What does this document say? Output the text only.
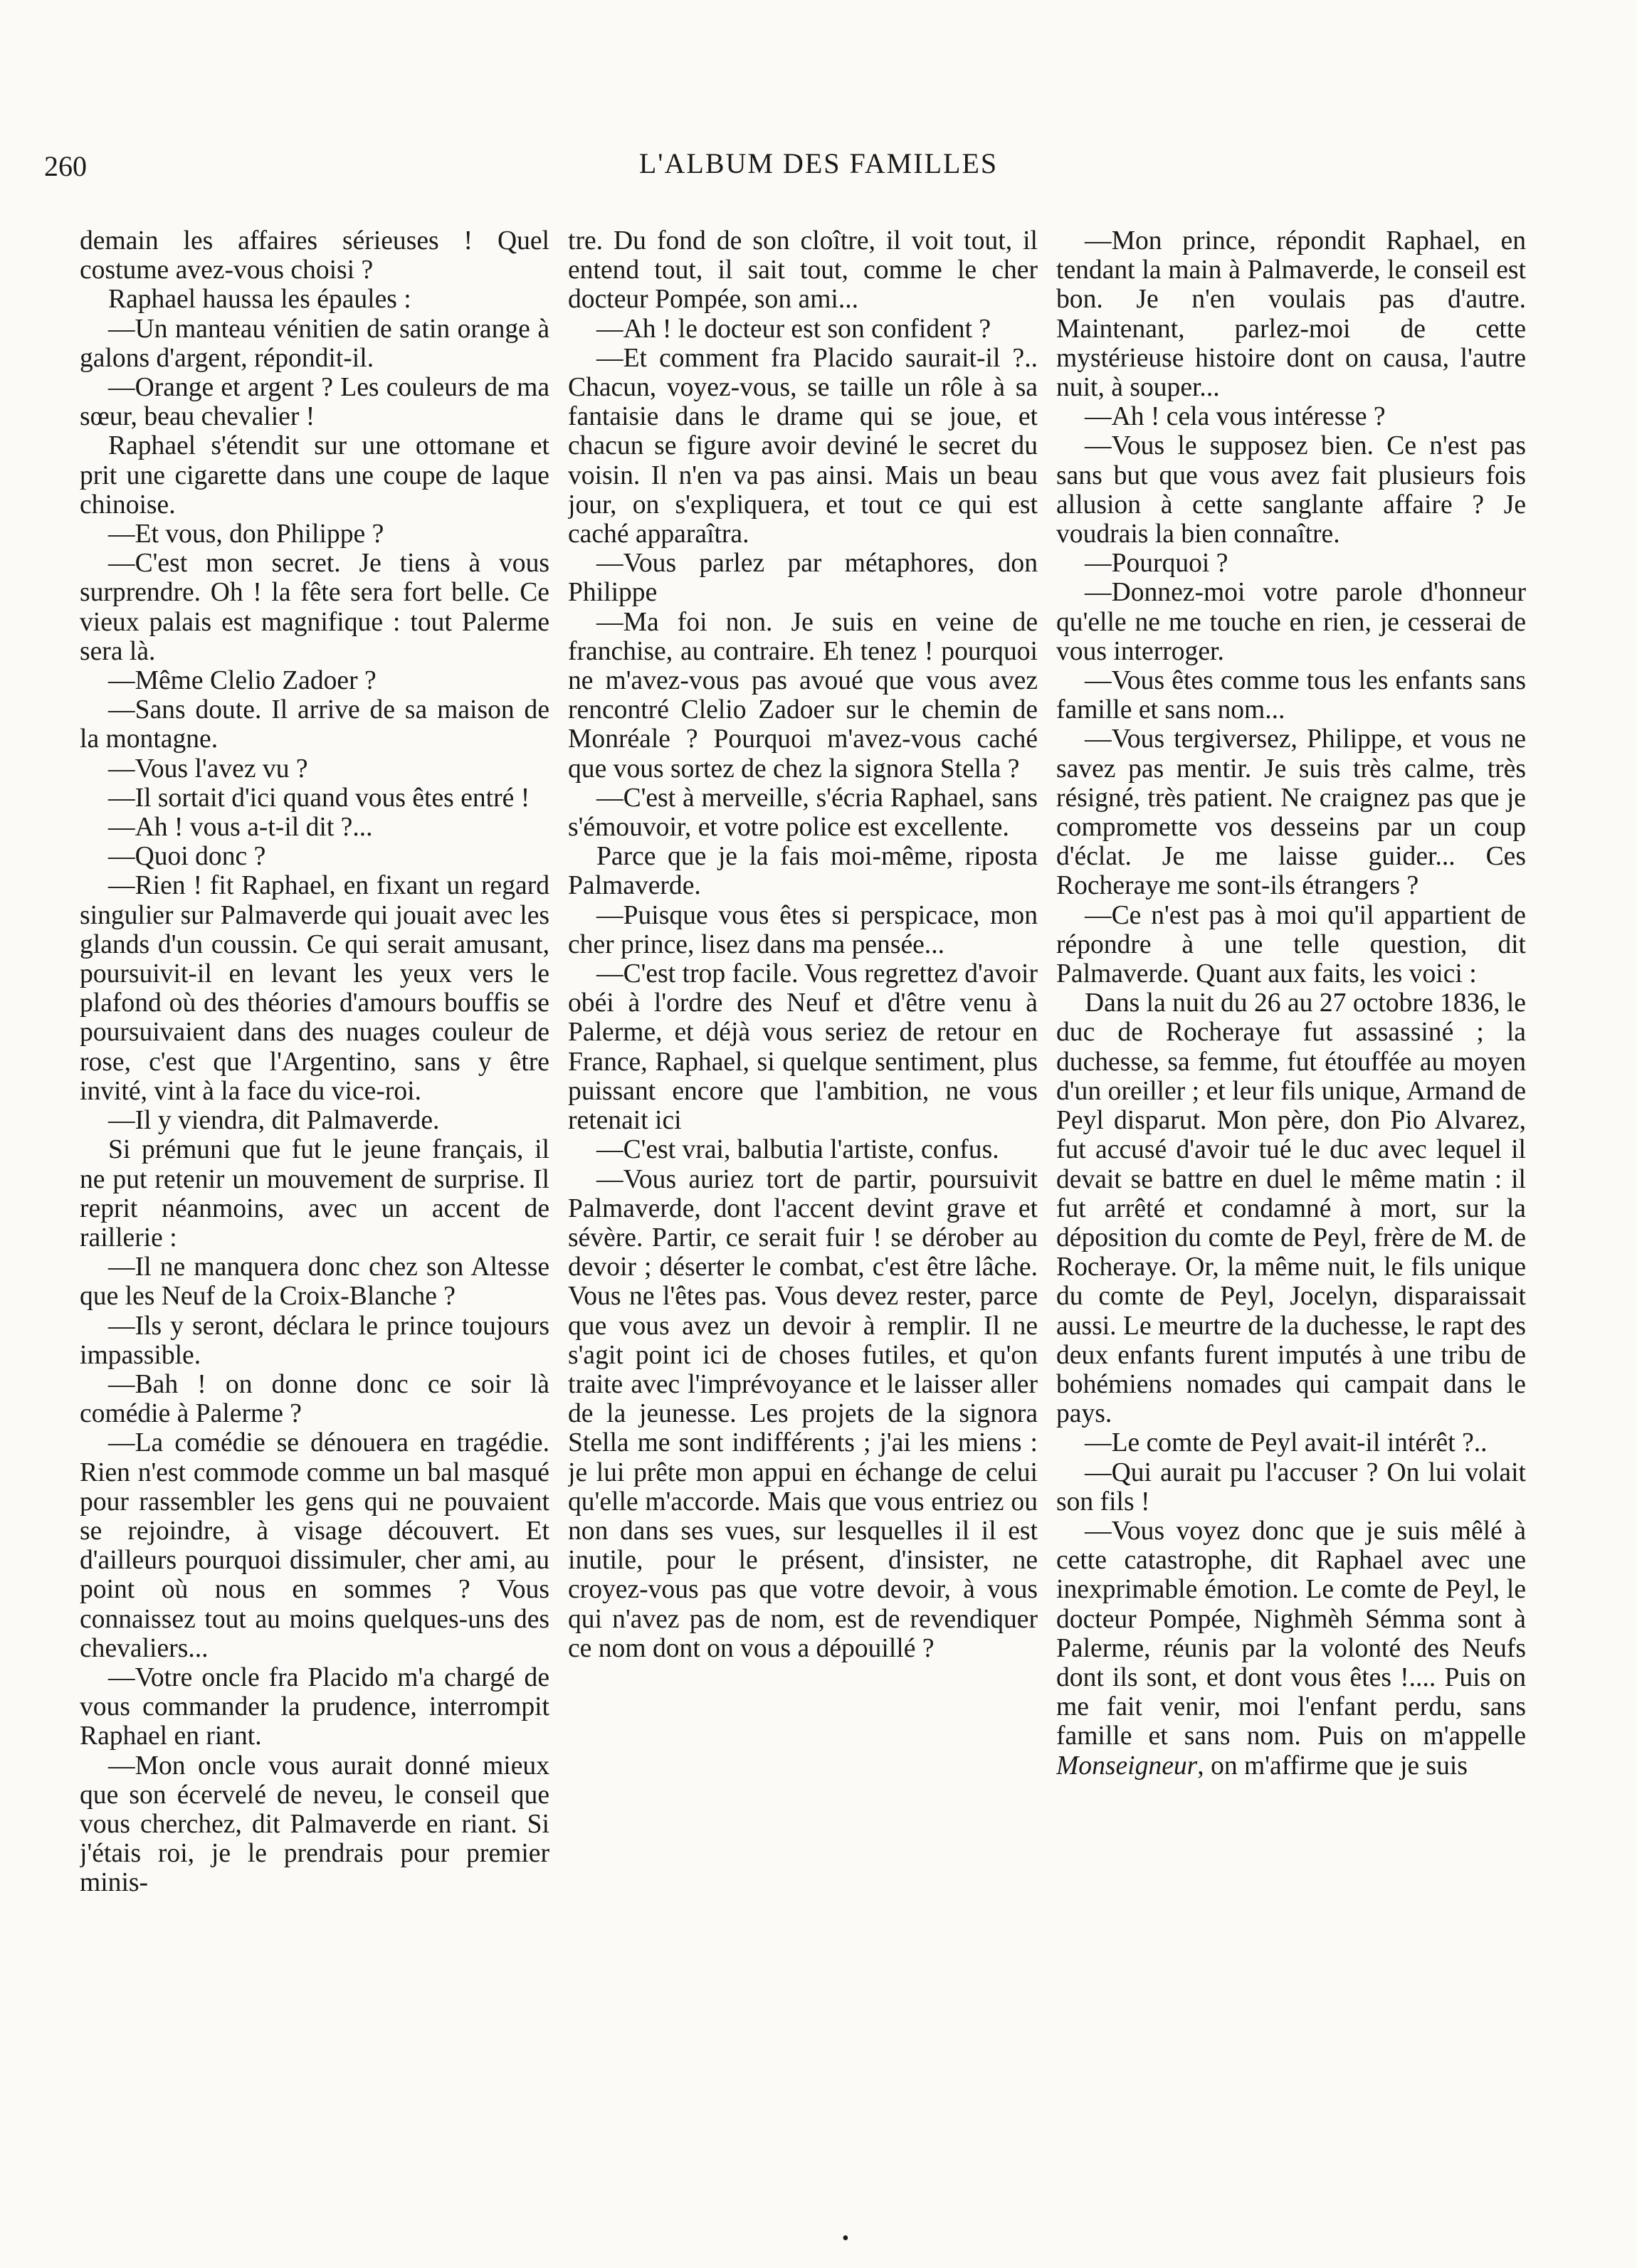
260	L'ALBUM DES FAMILLES

demain les affaires sérieuses ! Quel costume avez-vous choisi ?

Raphael haussa les épaules :

—Un manteau vénitien de satin orange à galons d'argent, répondit-il.

—Orange et argent ? Les couleurs de ma sœur, beau chevalier !

Raphael s'étendit sur une ottomane et prit une cigarette dans une coupe de laque chinoise.

—Et vous, don Philippe ?

—C'est mon secret. Je tiens à vous surprendre. Oh ! la fête sera fort belle. Ce vieux palais est magnifique : tout Palerme sera là.

—Même Clelio Zadoer ?

—Sans doute. Il arrive de sa maison de la montagne.

—Vous l'avez vu ?

—Il sortait d'ici quand vous êtes entré !

—Ah ! vous a-t-il dit ?...

—Quoi donc ?

—Rien ! fit Raphael, en fixant un regard singulier sur Palmaverde qui jouait avec les glands d'un coussin. Ce qui serait amusant, poursuivit-il en levant les yeux vers le plafond où des théories d'amours bouffis se poursuivaient dans des nuages couleur de rose, c'est que l'Argentino, sans y être invité, vint à la face du vice-roi.

—Il y viendra, dit Palmaverde.

Si prémuni que fut le jeune français, il ne put retenir un mouvement de surprise. Il reprit néanmoins, avec un accent de raillerie :

—Il ne manquera donc chez son Altesse que les Neuf de la Croix-Blanche ?

—Ils y seront, déclara le prince toujours impassible.

—Bah ! on donne donc ce soir là comédie à Palerme ?

—La comédie se dénouera en tragédie. Rien n'est commode comme un bal masqué pour rassembler les gens qui ne pouvaient se rejoindre, à visage découvert. Et d'ailleurs pourquoi dissimuler, cher ami, au point où nous en sommes ? Vous connaissez tout au moins quelques-uns des chevaliers...

—Votre oncle fra Placido m'a chargé de vous commander la prudence, interrompit Raphael en riant.

—Mon oncle vous aurait donné mieux que son écervelé de neveu, le conseil que vous cherchez, dit Palmaverde en riant. Si j'étais roi, je le prendrais pour premier minis-

tre. Du fond de son cloître, il voit tout, il entend tout, il sait tout, comme le cher docteur Pompée, son ami...

—Ah ! le docteur est son confident ?

—Et comment fra Placido saurait-il ?.. Chacun, voyez-vous, se taille un rôle à sa fantaisie dans le drame qui se joue, et chacun se figure avoir deviné le secret du voisin. Il n'en va pas ainsi. Mais un beau jour, on s'expliquera, et tout ce qui est caché apparaîtra.

—Vous parlez par métaphores, don Philippe

—Ma foi non. Je suis en veine de franchise, au contraire. Eh tenez ! pourquoi ne m'avez-vous pas avoué que vous avez rencontré Clelio Zadoer sur le chemin de Monréale ? Pourquoi m'avez-vous caché que vous sortez de chez la signora Stella ?

—C'est à merveille, s'écria Raphael, sans s'émouvoir, et votre police est excellente.

Parce que je la fais moi-même, riposta Palmaverde.

—Puisque vous êtes si perspicace, mon cher prince, lisez dans ma pensée...

—C'est trop facile. Vous regrettez d'avoir obéi à l'ordre des Neuf et d'être venu à Palerme, et déjà vous seriez de retour en France, Raphael, si quelque sentiment, plus puissant encore que l'ambition, ne vous retenait ici

—C'est vrai, balbutia l'artiste, confus.

—Vous auriez tort de partir, poursuivit Palmaverde, dont l'accent devint grave et sévère. Partir, ce serait fuir ! se dérober au devoir ; déserter le combat, c'est être lâche. Vous ne l'êtes pas. Vous devez rester, parce que vous avez un devoir à remplir. Il ne s'agit point ici de choses futiles, et qu'on traite avec l'imprévoyance et le laisser aller de la jeunesse. Les projets de la signora Stella me sont indifférents ; j'ai les miens : je lui prête mon appui en échange de celui qu'elle m'accorde. Mais que vous entriez ou non dans ses vues, sur lesquelles il il est inutile, pour le présent, d'insister, ne croyez-vous pas que votre devoir, à vous qui n'avez pas de nom, est de revendiquer ce nom dont on vous a dépouillé ?

—Mon prince, répondit Raphael, en tendant la main à Palmaverde, le conseil est bon. Je n'en voulais pas d'autre. Maintenant, parlez-moi de cette mystérieuse histoire dont on causa, l'autre nuit, à souper...

—Ah ! cela vous intéresse ?

—Vous le supposez bien. Ce n'est pas sans but que vous avez fait plusieurs fois allusion à cette sanglante affaire ? Je voudrais la bien connaître.

—Pourquoi ?

—Donnez-moi votre parole d'honneur qu'elle ne me touche en rien, je cesserai de vous interroger.

—Vous êtes comme tous les enfants sans famille et sans nom...

—Vous tergiversez, Philippe, et vous ne savez pas mentir. Je suis très calme, très résigné, très patient. Ne craignez pas que je compromette vos desseins par un coup d'éclat. Je me laisse guider... Ces Rocheraye me sont-ils étrangers ?

—Ce n'est pas à moi qu'il appartient de répondre à une telle question, dit Palmaverde. Quant aux faits, les voici :

Dans la nuit du 26 au 27 octobre 1836, le duc de Rocheraye fut assassiné ; la duchesse, sa femme, fut étouffée au moyen d'un oreiller ; et leur fils unique, Armand de Peyl disparut. Mon père, don Pio Alvarez, fut accusé d'avoir tué le duc avec lequel il devait se battre en duel le même matin : il fut arrêté et condamné à mort, sur la déposition du comte de Peyl, frère de M. de Rocheraye. Or, la même nuit, le fils unique du comte de Peyl, Jocelyn, disparaissait aussi. Le meurtre de la duchesse, le rapt des deux enfants furent imputés à une tribu de bohémiens nomades qui campait dans le pays.

—Le comte de Peyl avait-il intérêt ?..

—Qui aurait pu l'accuser ? On lui volait son fils !

—Vous voyez donc que je suis mêlé à cette catastrophe, dit Raphael avec une inexprimable émotion. Le comte de Peyl, le docteur Pompée, Nighmèh Sémma sont à Palerme, réunis par la volonté des Neufs dont ils sont, et dont vous êtes !.... Puis on me fait venir, moi l'enfant perdu, sans famille et sans nom. Puis on m'appelle Monseigneur, on m'affirme que je suis

•
